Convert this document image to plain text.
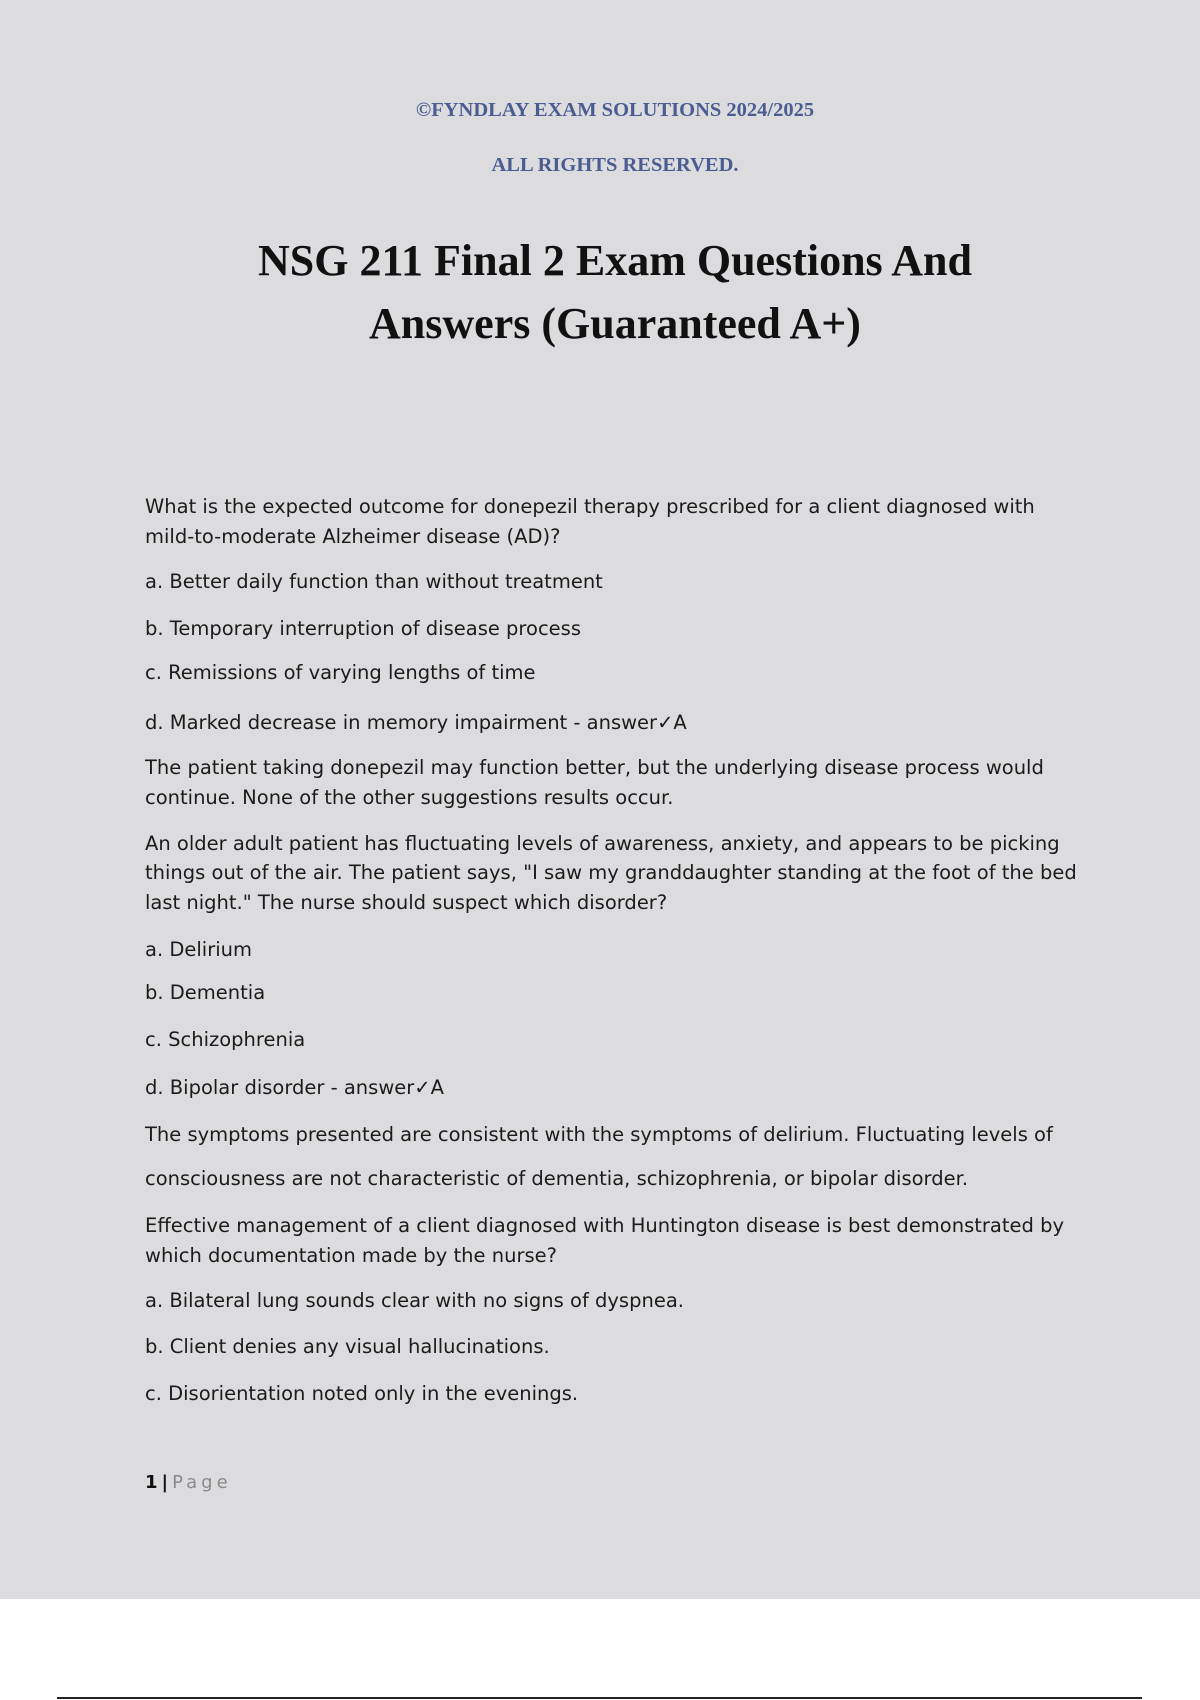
©FYNDLAY EXAM SOLUTIONS 2024/2025
ALL RIGHTS RESERVED.
NSG 211 Final 2 Exam Questions And
Answers (Guaranteed A+)
What is the expected outcome for donepezil therapy prescribed for a client diagnosed with
mild-to-moderate Alzheimer disease (AD)?
a. Better daily function than without treatment
b. Temporary interruption of disease process
c. Remissions of varying lengths of time
d. Marked decrease in memory impairment - answer✓A
The patient taking donepezil may function better, but the underlying disease process would
continue. None of the other suggestions results occur.
An older adult patient has fluctuating levels of awareness, anxiety, and appears to be picking
things out of the air. The patient says, "I saw my granddaughter standing at the foot of the bed
last night." The nurse should suspect which disorder?
a. Delirium
b. Dementia
c. Schizophrenia
d. Bipolar disorder - answer✓A
The symptoms presented are consistent with the symptoms of delirium. Fluctuating levels of
consciousness are not characteristic of dementia, schizophrenia, or bipolar disorder.
Effective management of a client diagnosed with Huntington disease is best demonstrated by
which documentation made by the nurse?
a. Bilateral lung sounds clear with no signs of dyspnea.
b. Client denies any visual hallucinations.
c. Disorientation noted only in the evenings.
1 | Page
